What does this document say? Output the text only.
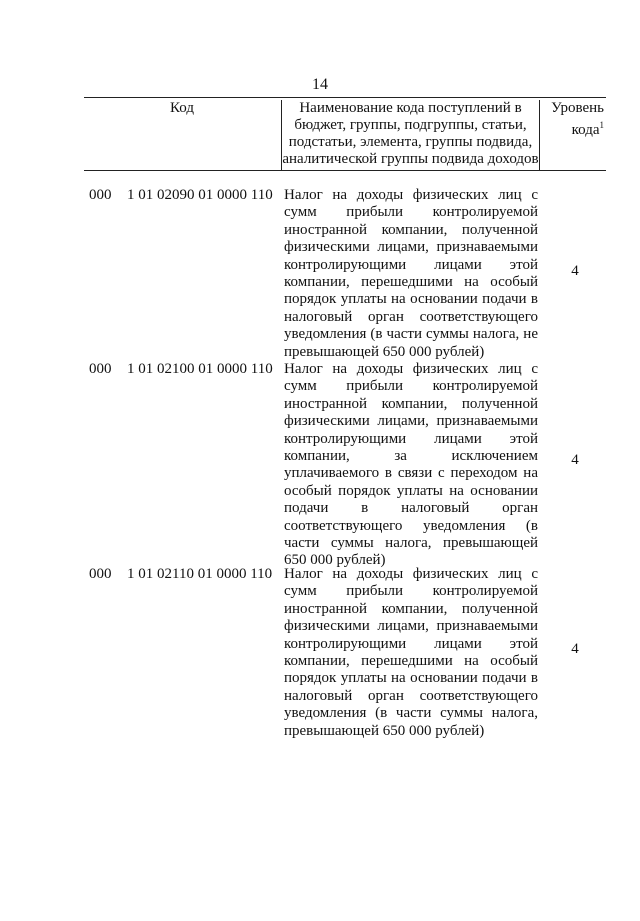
14
Код	Наименование кода поступлений в бюджет, группы, подгруппы, статьи, подстатьи, элемента, группы подвида, аналитической группы подвида доходов
Уровень кода$^1$
000 1 01 02090 01 0000 110 Налог на доходы физических лиц с сумм прибыли контролируемой иностранной компании, полученной физическими лицами, признаваемыми контролирующими лицами этой компании, перешедшими на особый порядок уплаты на основании подачи в налоговый орган соответствующего уведомления (в части суммы налога, не превышающей 650 000 рублей)
4
000 1 01 02100 01 0000 110 Налог на доходы физических лиц с сумм прибыли контролируемой иностранной компании, полученной физическими лицами, признаваемыми контролирующими лицами этой компании, за исключением уплачиваемого в связи с переходом на особый порядок уплаты на основании подачи в налоговый орган соответствующего уведомления (в части суммы налога, превышающей 650 000 рублей)
4
000 1 01 02110 01 0000 110 Налог на доходы физических лиц с сумм прибыли контролируемой иностранной компании, полученной физическими лицами, признаваемыми контролирующими лицами этой компании, перешедшими на особый порядок уплаты на основании подачи в налоговый орган соответствующего уведомления (в части суммы налога, превышающей 650 000 рублей)
4
